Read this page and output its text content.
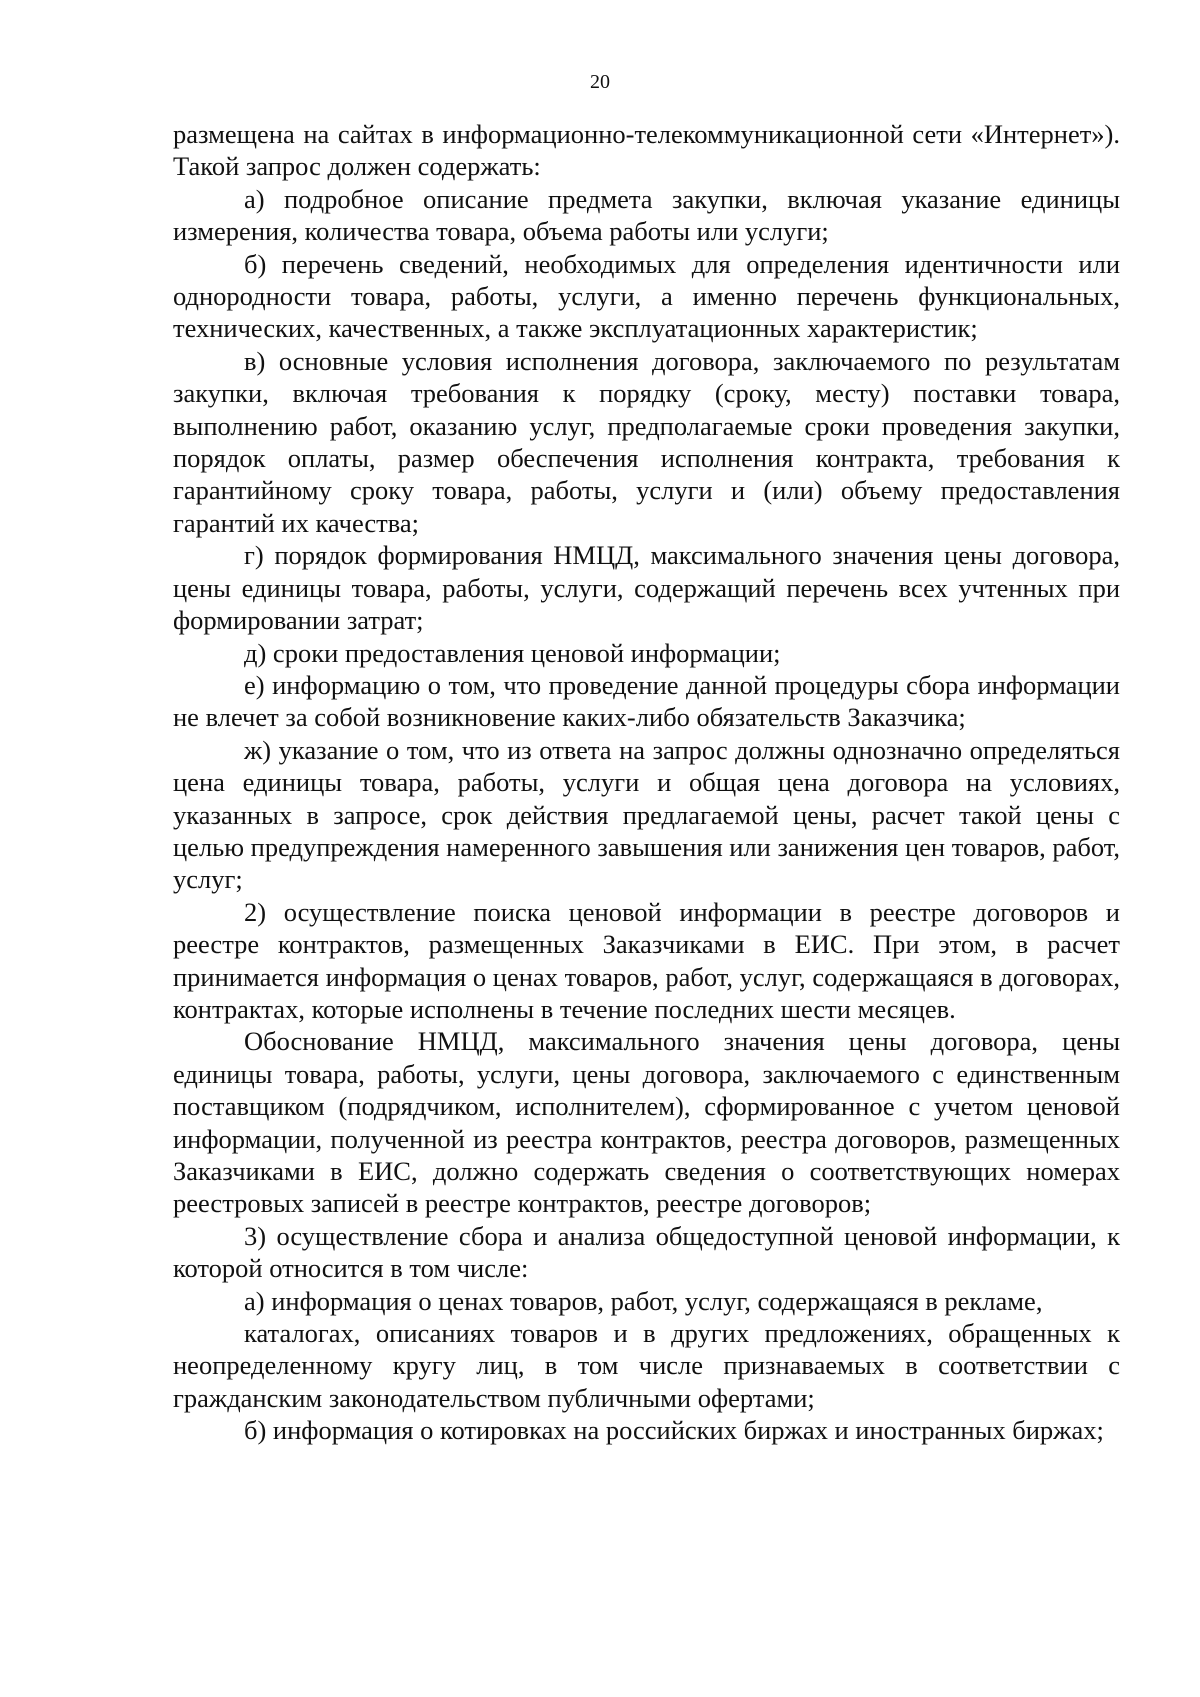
20

размещена на сайтах в информационно-телекоммуникационной сети «Интернет»). Такой запрос должен содержать:

а) подробное описание предмета закупки, включая указание единицы измерения, количества товара, объема работы или услуги;

б) перечень сведений, необходимых для определения идентичности или однородности товара, работы, услуги, а именно перечень функциональных, технических, качественных, а также эксплуатационных характеристик;

в) основные условия исполнения договора, заключаемого по результатам закупки, включая требования к порядку (сроку, месту) поставки товара, выполнению работ, оказанию услуг, предполагаемые сроки проведения закупки, порядок оплаты, размер обеспечения исполнения контракта, требования к гарантийному сроку товара, работы, услуги и (или) объему предоставления гарантий их качества;

г) порядок формирования НМЦД, максимального значения цены договора, цены единицы товара, работы, услуги, содержащий перечень всех учтенных при формировании затрат;

д) сроки предоставления ценовой информации;

е) информацию о том, что проведение данной процедуры сбора информации не влечет за собой возникновение каких-либо обязательств Заказчика;

ж) указание о том, что из ответа на запрос должны однозначно определяться цена единицы товара, работы, услуги и общая цена договора на условиях, указанных в запросе, срок действия предлагаемой цены, расчет такой цены с целью предупреждения намеренного завышения или занижения цен товаров, работ, услуг;

2) осуществление поиска ценовой информации в реестре договоров и реестре контрактов, размещенных Заказчиками в ЕИС. При этом, в расчет принимается информация о ценах товаров, работ, услуг, содержащаяся в договорах, контрактах, которые исполнены в течение последних шести месяцев.

Обоснование НМЦД, максимального значения цены договора, цены единицы товара, работы, услуги, цены договора, заключаемого с единственным поставщиком (подрядчиком, исполнителем), сформированное с учетом ценовой информации, полученной из реестра контрактов, реестра договоров, размещенных Заказчиками в ЕИС, должно содержать сведения о соответствующих номерах реестровых записей в реестре контрактов, реестре договоров;

3) осуществление сбора и анализа общедоступной ценовой информации, к которой относится в том числе:

а) информация о ценах товаров, работ, услуг, содержащаяся в рекламе,

каталогах, описаниях товаров и в других предложениях, обращенных к неопределенному кругу лиц, в том числе признаваемых в соответствии с гражданским законодательством публичными офертами;

б) информация о котировках на российских биржах и иностранных биржах;
